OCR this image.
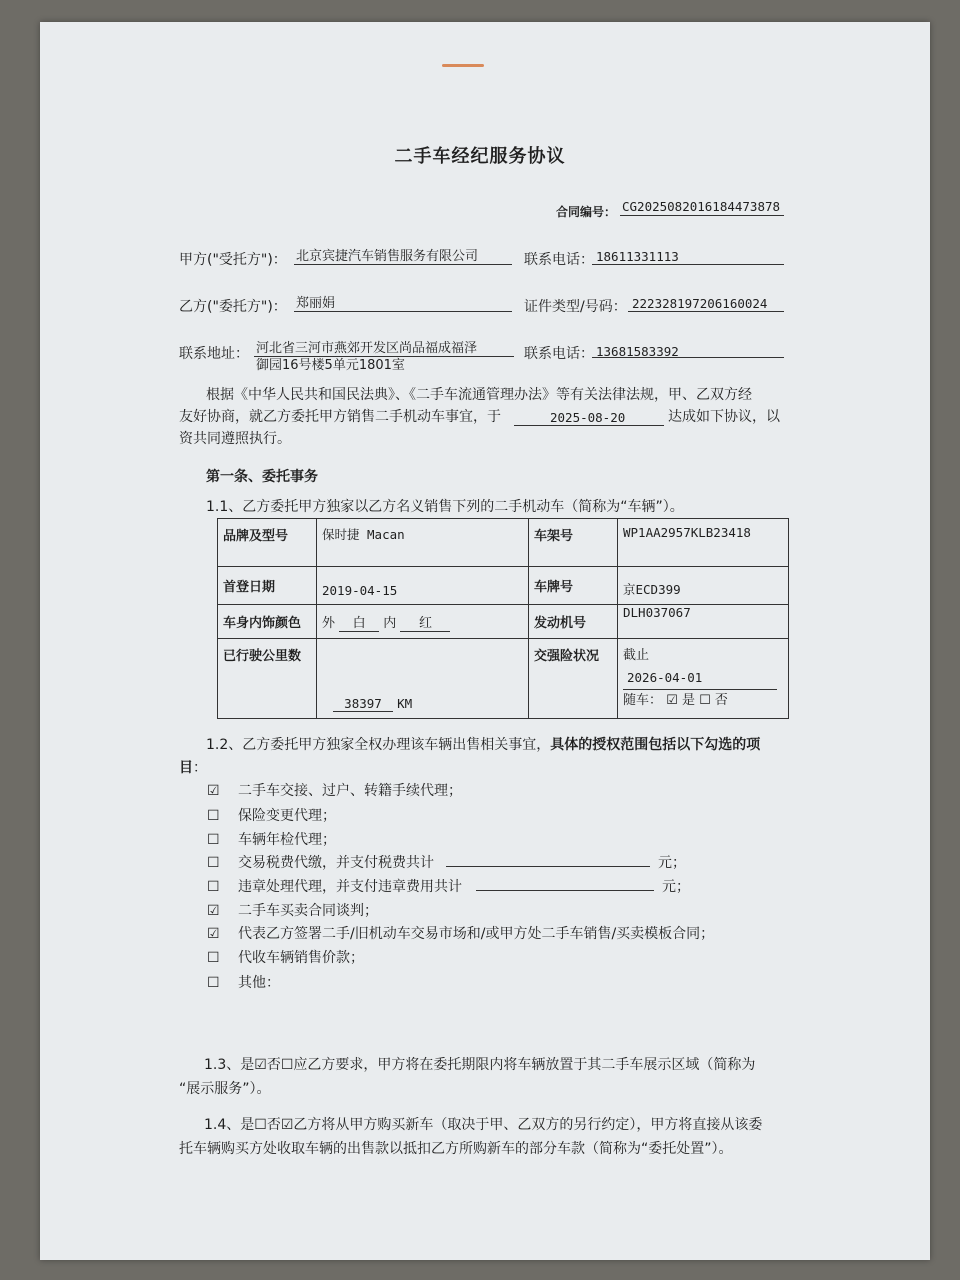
二手车经纪服务协议
合同编号： CG2025082016184473878
甲方("受托方")： 北京宾捷汽车销售服务有限公司	联系电话： 18611331113
乙方("委托方")： 郑丽娟	证件类型/号码： 222328197206160024
联系地址： 河北省三河市燕郊开发区尚品福成福泽
御园16号楼5单元1801室
联系电话： 13681583392
根据《中华人民共和国民法典》、《二手车流通管理办法》等有关法律法规，甲、乙双方经
友好协商，就乙方委托甲方销售二手机动车事宜，于	2025-08-20	达成如下协议，以
资共同遵照执行。
第一条、委托事务
1.1、乙方委托甲方独家以乙方名义销售下列的二手机动车（简称为“车辆”）。
品牌及型号	保时捷 Macan	车架号	WP1AA2957KLB23418
首登日期	2019-04-15	车牌号	京ECD399
车身内饰颜色	外 白 内 红	发动机号	DLH037067
已行驶公里数	38397 KM	交强险状况	截止 2026-04-01
随车： ☑ 是 ☐ 否
1.2、乙方委托甲方独家全权办理该车辆出售相关事宜，具体的授权范围包括以下勾选的项
目：
☑ 二手车交接、过户、转籍手续代理；
☐ 保险变更代理；
☐ 车辆年检代理；
☐ 交易税费代缴，并支付税费共计	元；
☐ 违章处理代理，并支付违章费用共计	元；
☑ 二手车买卖合同谈判；
☑ 代表乙方签署二手/旧机动车交易市场和/或甲方处二手车销售/买卖模板合同；
☐ 代收车辆销售价款；
☐ 其他：
1.3、是☑否☐应乙方要求，甲方将在委托期限内将车辆放置于其二手车展示区域（简称为
“展示服务”）。
1.4、是☐否☑乙方将从甲方购买新车（取决于甲、乙双方的另行约定），甲方将直接从该委
托车辆购买方处收取车辆的出售款以抵扣乙方所购新车的部分车款（简称为“委托处置”）。
